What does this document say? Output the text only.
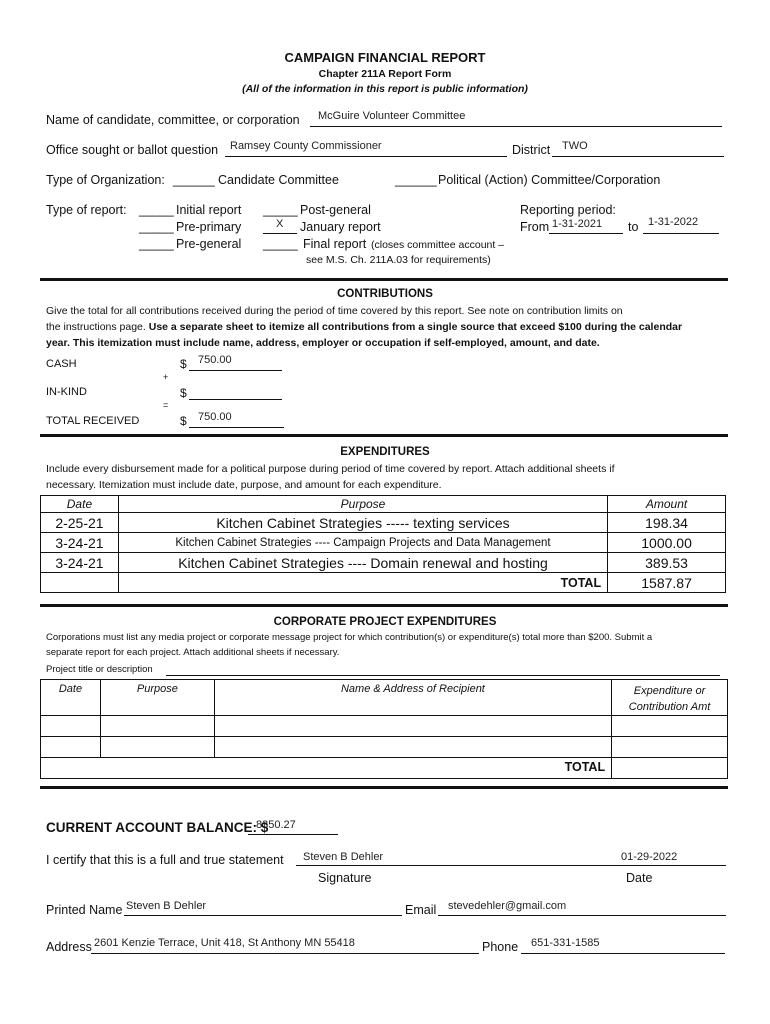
CAMPAIGN FINANCIAL REPORT
Chapter 211A Report Form
(All of the information in this report is public information)
Name of candidate, committee, or corporation McGuire Volunteer Committee
Office sought or ballot question Ramsey County Commissioner	District TWO
Type of Organization: ______ Candidate Committee	______ Political (Action) Committee/Corporation
Type of report: _____ Initial report
_____ Pre-primary
_____ Pre-general
_____ Post-general
X January report
_____ Final report (closes committee account –
see M.S. Ch. 211A.03 for requirements)
Reporting period:
From 1-31-2021 to 1-31-2022
CONTRIBUTIONS
Give the total for all contributions received during the period of time covered by this report. See note on contribution limits on
the instructions page. Use a separate sheet to itemize all contributions from a single source that exceed $100 during the calendar
year. This itemization must include name, address, employer or occupation if self-employed, amount, and date.
CASH	$ 750.00
+
IN-KIND	$
=
TOTAL RECEIVED	$ 750.00
EXPENDITURES
Include every disbursement made for a political purpose during period of time covered by report. Attach additional sheets if
necessary. Itemization must include date, purpose, and amount for each expenditure.
Date	Purpose	Amount
2-25-21	Kitchen Cabinet Strategies ----- texting services	198.34
3-24-21	Kitchen Cabinet Strategies ---- Campaign Projects and Data Management	1000.00
3-24-21	Kitchen Cabinet Strategies ---- Domain renewal and hosting	389.53
	TOTAL	1587.87
CORPORATE PROJECT EXPENDITURES
Corporations must list any media project or corporate message project for which contribution(s) or expenditure(s) total more than $200. Submit a
separate report for each project. Attach additional sheets if necessary.
Project title or description
Date	Purpose	Name & Address of Recipient	Expenditure or
Contribution Amt

		TOTAL	
CURRENT ACCOUNT BALANCE: $
8350.27
I certify that this is a full and true statement Steven B Dehler	01-29-2022
Signature	Date
Printed Name Steven B Dehler	Email stevedehler@gmail.com
Address 2601 Kenzie Terrace, Unit 418, St Anthony MN 55418	Phone 651-331-1585
